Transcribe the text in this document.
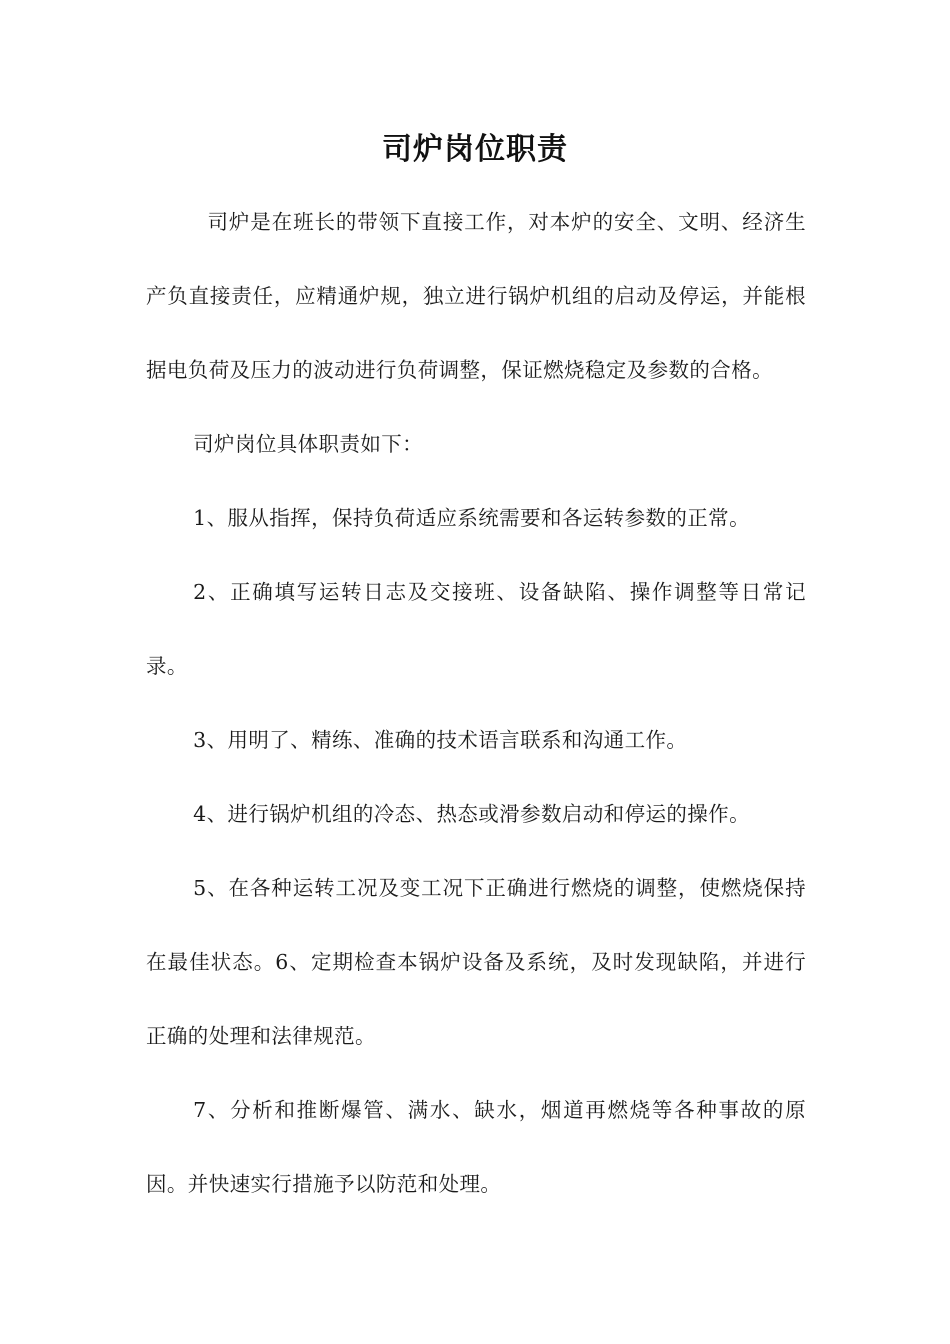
司炉岗位职责

司炉是在班长的带领下直接工作，对本炉的安全、文明、经济生产负直接责任，应精通炉规，独立进行锅炉机组的启动及停运，并能根据电负荷及压力的波动进行负荷调整，保证燃烧稳定及参数的合格。

司炉岗位具体职责如下：

1、服从指挥，保持负荷适应系统需要和各运转参数的正常。

2、正确填写运转日志及交接班、设备缺陷、操作调整等日常记录。

3、用明了、精练、准确的技术语言联系和沟通工作。

4、进行锅炉机组的冷态、热态或滑参数启动和停运的操作。

5、在各种运转工况及变工况下正确进行燃烧的调整，使燃烧保持在最佳状态。6、定期检查本锅炉设备及系统，及时发现缺陷，并进行正确的处理和法律规范。

7、分析和推断爆管、满水、缺水，烟道再燃烧等各种事故的原因。并快速实行措施予以防范和处理。
